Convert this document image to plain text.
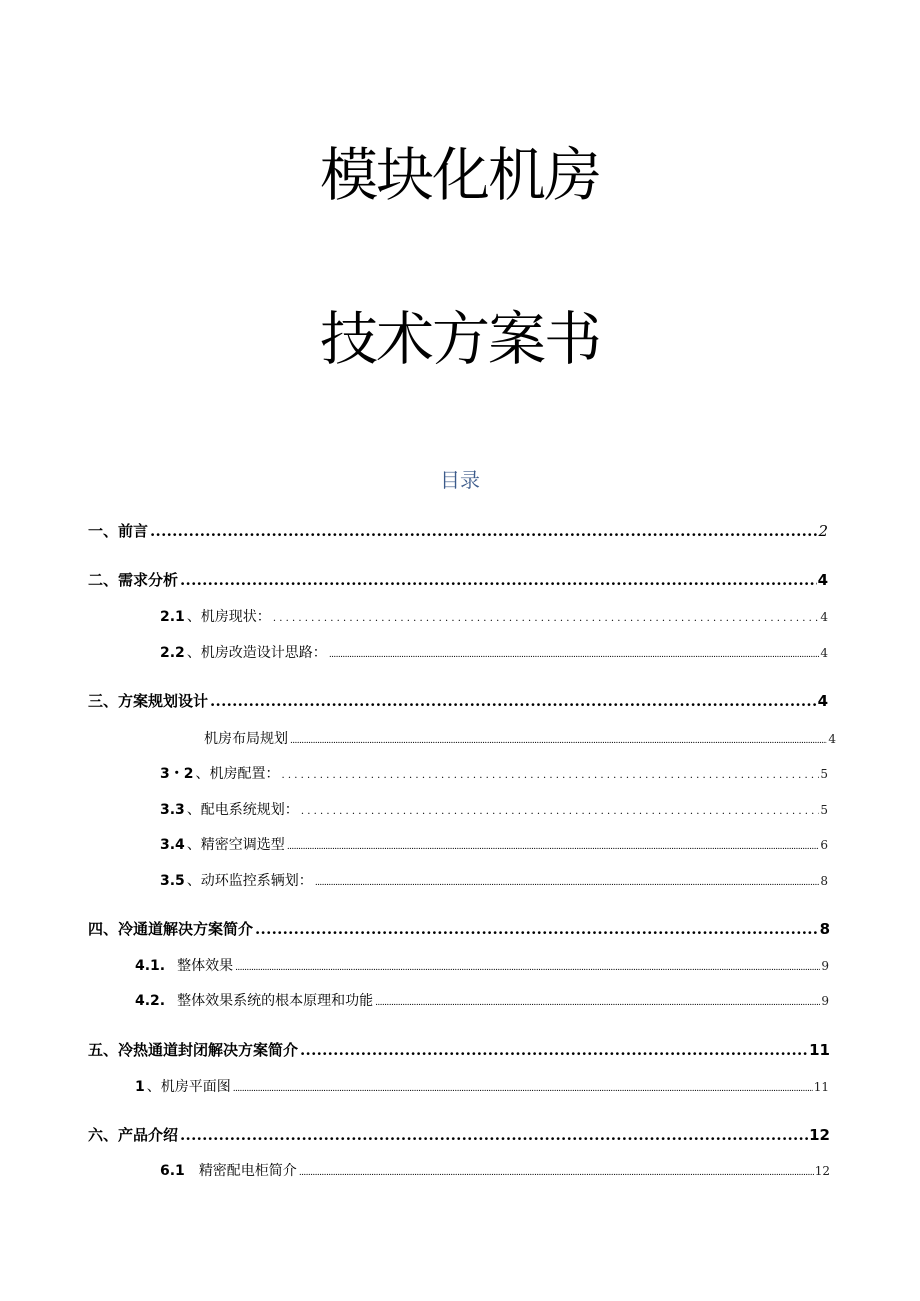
模块化机房
技术方案书
目录
一、 前言 .....	2
二、 需求分析 .....	4
2.1 、机房现状： .....	4
2.2 、机房改造设计思路： .....	4
三、 方案规划设计 .....	4
机房布局规划 .....	4
3・2 、机房配置： .....	5
3.3 、配电系统规划： .....	5
3.4 、精密空调选型 .....	6
3.5 、动环监控系辆划： .....	8
四、 冷通道解决方案简介 .....	8
4.1. 整体效果 .....	9
4.2. 整体效果系统的根本原理和功能 .....	9
五、 冷热通道封闭解决方案简介 .....	11
1 、机房平面图 .....	11
六、 产品介绍 .....	12
6.1 精密配电柜简介 .....	12
